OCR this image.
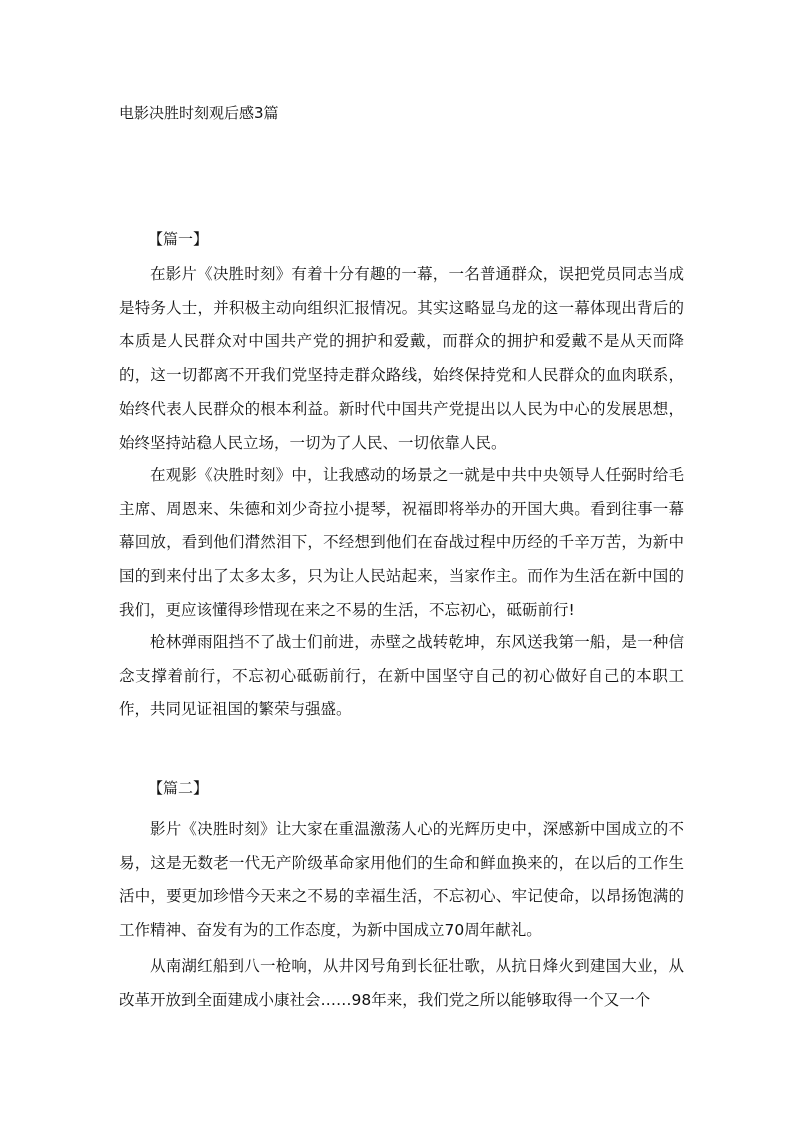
电影决胜时刻观后感3篇
【篇一】

在影片《决胜时刻》有着十分有趣的一幕，一名普通群众，误把党员同志当成是特务人士，并积极主动向组织汇报情况。其实这略显乌龙的这一幕体现出背后的本质是人民群众对中国共产党的拥护和爱戴，而群众的拥护和爱戴不是从天而降的，这一切都离不开我们党坚持走群众路线，始终保持党和人民群众的血肉联系，始终代表人民群众的根本利益。新时代中国共产党提出以人民为中心的发展思想，始终坚持站稳人民立场，一切为了人民、一切依靠人民。

在观影《决胜时刻》中，让我感动的场景之一就是中共中央领导人任弼时给毛主席、周恩来、朱德和刘少奇拉小提琴，祝福即将举办的开国大典。看到往事一幕幕回放，看到他们潸然泪下，不经想到他们在奋战过程中历经的千辛万苦，为新中国的到来付出了太多太多，只为让人民站起来，当家作主。而作为生活在新中国的我们，更应该懂得珍惜现在来之不易的生活，不忘初心，砥砺前行!

枪林弹雨阻挡不了战士们前进，赤壁之战转乾坤，东风送我第一船，是一种信念支撑着前行，不忘初心砥砺前行，在新中国坚守自己的初心做好自己的本职工作，共同见证祖国的繁荣与强盛。

【篇二】

影片《决胜时刻》让大家在重温激荡人心的光辉历史中，深感新中国成立的不易，这是无数老一代无产阶级革命家用他们的生命和鲜血换来的，在以后的工作生活中，要更加珍惜今天来之不易的幸福生活，不忘初心、牢记使命，以昂扬饱满的工作精神、奋发有为的工作态度，为新中国成立70周年献礼。

从南湖红船到八一枪响，从井冈号角到长征壮歌，从抗日烽火到建国大业，从改革开放到全面建成小康社会……98年来，我们党之所以能够取得一个又一个
